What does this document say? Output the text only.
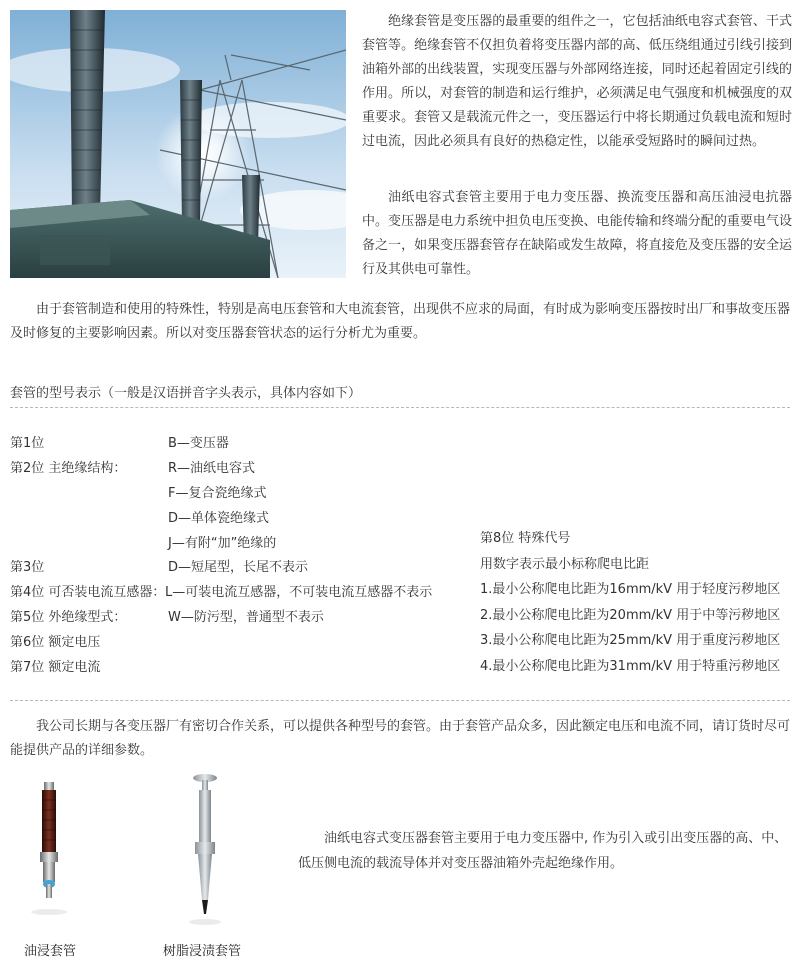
绝缘套管是变压器的最重要的组件之一，它包括油纸电容式套管、干式套管等。绝缘套管不仅担负着将变压器内部的高、低压绕组通过引线引接到油箱外部的出线装置，实现变压器与外部网络连接，同时还起着固定引线的作用。所以，对套管的制造和运行维护，必须满足电气强度和机械强度的双重要求。套管又是载流元件之一，变压器运行中将长期通过负载电流和短时过电流，因此必须具有良好的热稳定性，以能承受短路时的瞬间过热。

油纸电容式套管主要用于电力变压器、换流变压器和高压油浸电抗器中。变压器是电力系统中担负电压变换、电能传输和终端分配的重要电气设备之一，如果变压器套管存在缺陷或发生故障，将直接危及变压器的安全运行及其供电可靠性。

由于套管制造和使用的特殊性，特别是高电压套管和大电流套管，出现供不应求的局面，有时成为影响变压器按时出厂和事故变压器及时修复的主要影响因素。所以对变压器套管状态的运行分析尤为重要。

套管的型号表示（一般是汉语拼音字头表示，具体内容如下）
第1位
第2位 主绝缘结构：
第3位
第4位 可否装电流互感器：
第5位 外绝缘型式：
第6位 额定电压
第7位 额定电流
B—变压器
R—油纸电容式
F—复合瓷绝缘式
D—单体瓷绝缘式
J—有附“加”绝缘的
D—短尾型，长尾不表示
L—可装电流互感器，不可装电流互感器不表示
W—防污型，普通型不表示
第8位 特殊代号
用数字表示最小标称爬电比距
1.最小公称爬电比距为16mm/kV 用于轻度污秽地区
2.最小公称爬电比距为20mm/kV 用于中等污秽地区
3.最小公称爬电比距为25mm/kV 用于重度污秽地区
4.最小公称爬电比距为31mm/kV 用于特重污秽地区

我公司长期与各变压器厂有密切合作关系，可以提供各种型号的套管。由于套管产品众多，因此额定电压和电流不同，请订货时尽可能提供产品的详细参数。

油纸电容式变压器套管主要用于电力变压器中, 作为引入或引出变压器的高、中、低压侧电流的载流导体并对变压器油箱外壳起绝缘作用。

油浸套管	树脂浸渍套管
